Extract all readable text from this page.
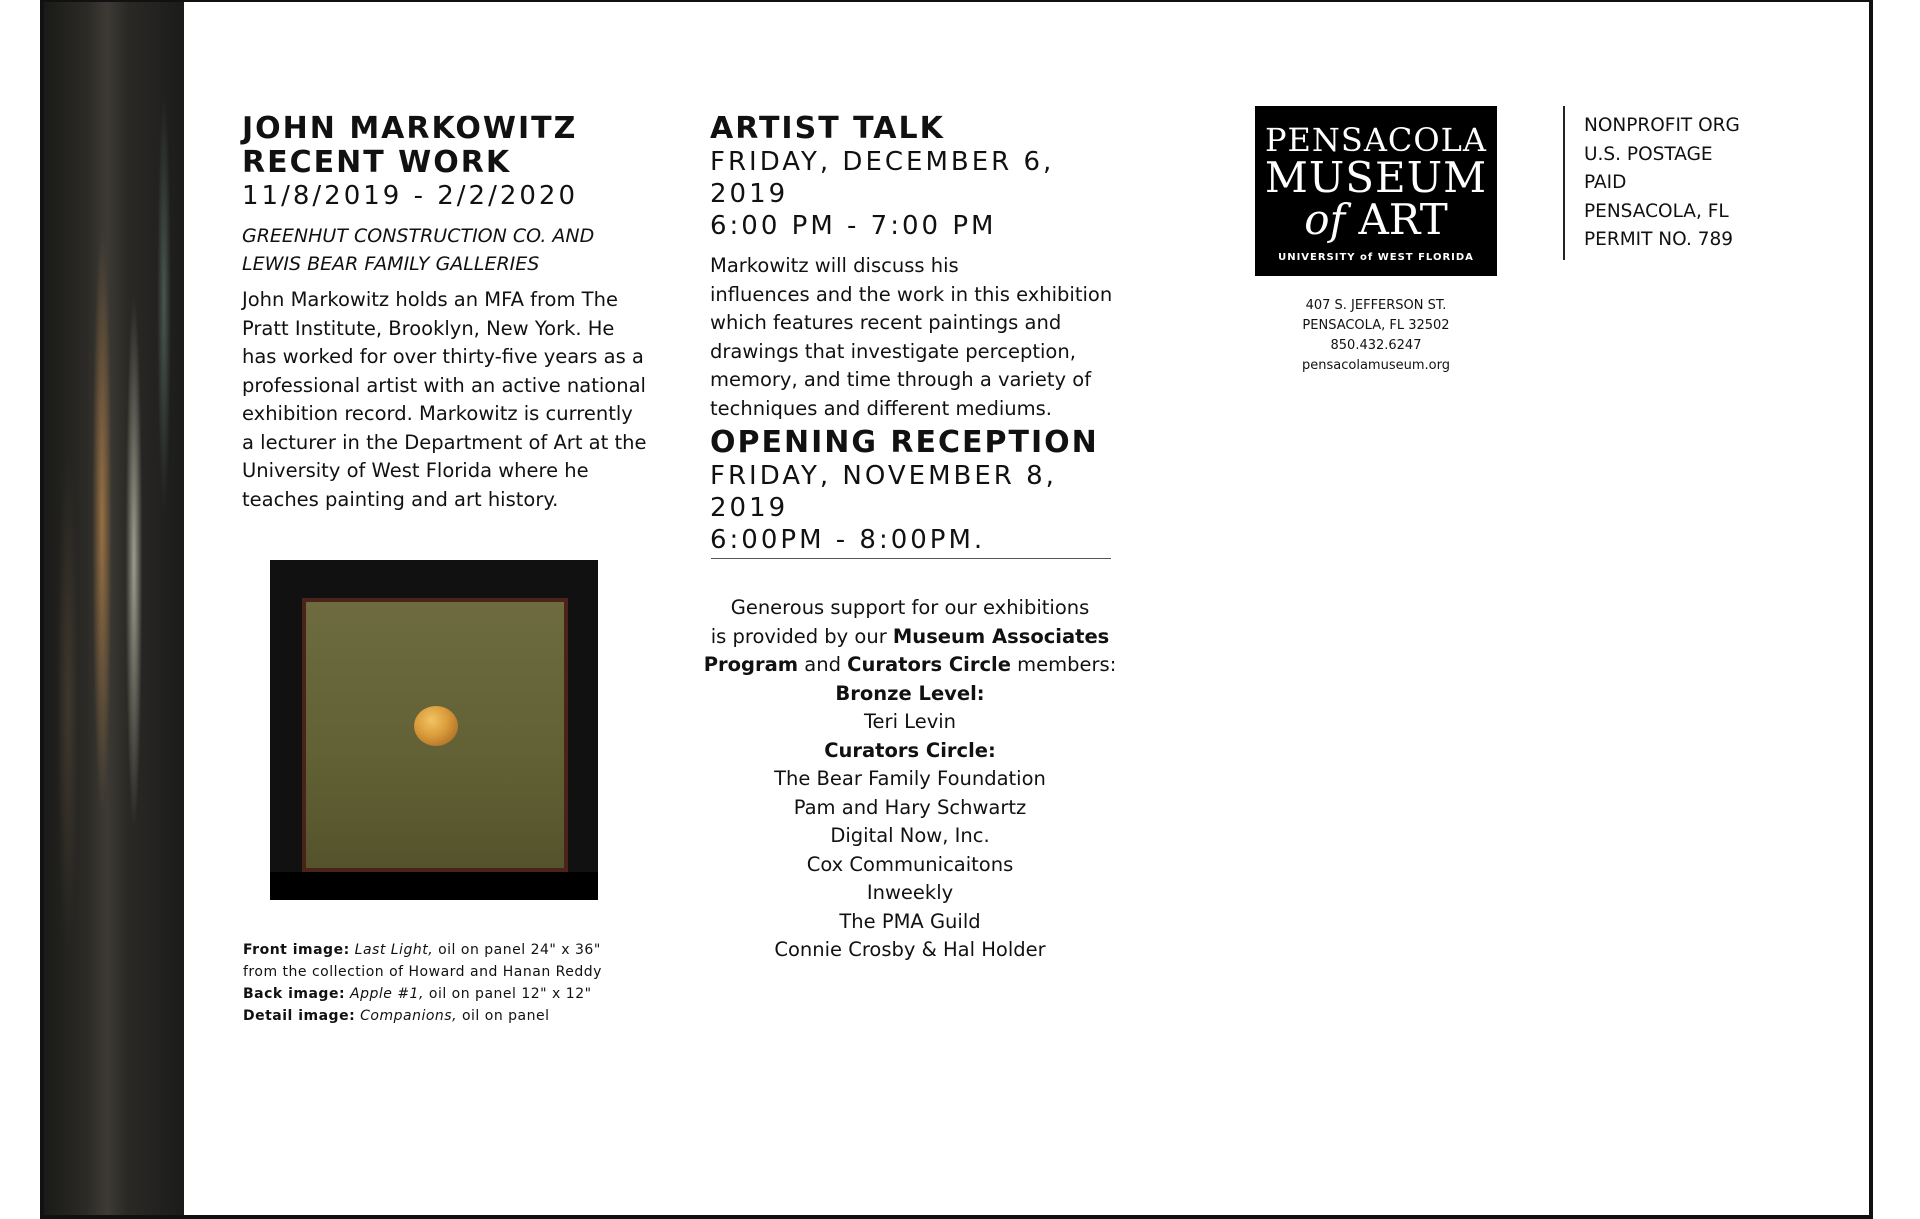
JOHN MARKOWITZ
RECENT WORK

11/8/2019 - 2/2/2020

GREENHUT CONSTRUCTION CO. AND

LEWIS BEAR FAMILY GALLERIES

John Markowitz holds an MFA from The

Pratt Institute, Brooklyn, New York. He

has worked for over thirty-five years as a

professional artist with an active national

exhibition record. Markowitz is currently

a lecturer in the Department of Art at the

University of West Florida where he

teaches painting and art history.

Front image: Last Light, oil on panel 24" x 36"

from the collection of Howard and Hanan Reddy

Back image: Apple #1, oil on panel 12" x 12"

Detail image: Companions, oil on panel

ARTIST TALK

FRIDAY, DECEMBER 6, 2019

6:00 PM - 7:00 PM

Markowitz will discuss his

influences and the work in this exhibition

which features recent paintings and

drawings that investigate perception,

memory, and time through a variety of

techniques and different mediums.

OPENING RECEPTION

FRIDAY, NOVEMBER 8, 2019

6:00PM - 8:00PM.

Generous support for our exhibitions
is provided by our Museum Associates
Program and Curators Circle members:
Bronze Level:
Teri Levin
Curators Circle:
The Bear Family Foundation
Pam and Hary Schwartz
Digital Now, Inc.
Cox Communicaitons
Inweekly
The PMA Guild
Connie Crosby & Hal Holder
PENSACOLA
MUSEUM
of ART
UNIVERSITY of WEST FLORIDA
407 S. JEFFERSON ST.
PENSACOLA, FL 32502
850.432.6247
pensacolamuseum.org
NONPROFIT ORG
U.S. POSTAGE
PAID
PENSACOLA, FL
PERMIT NO. 789
